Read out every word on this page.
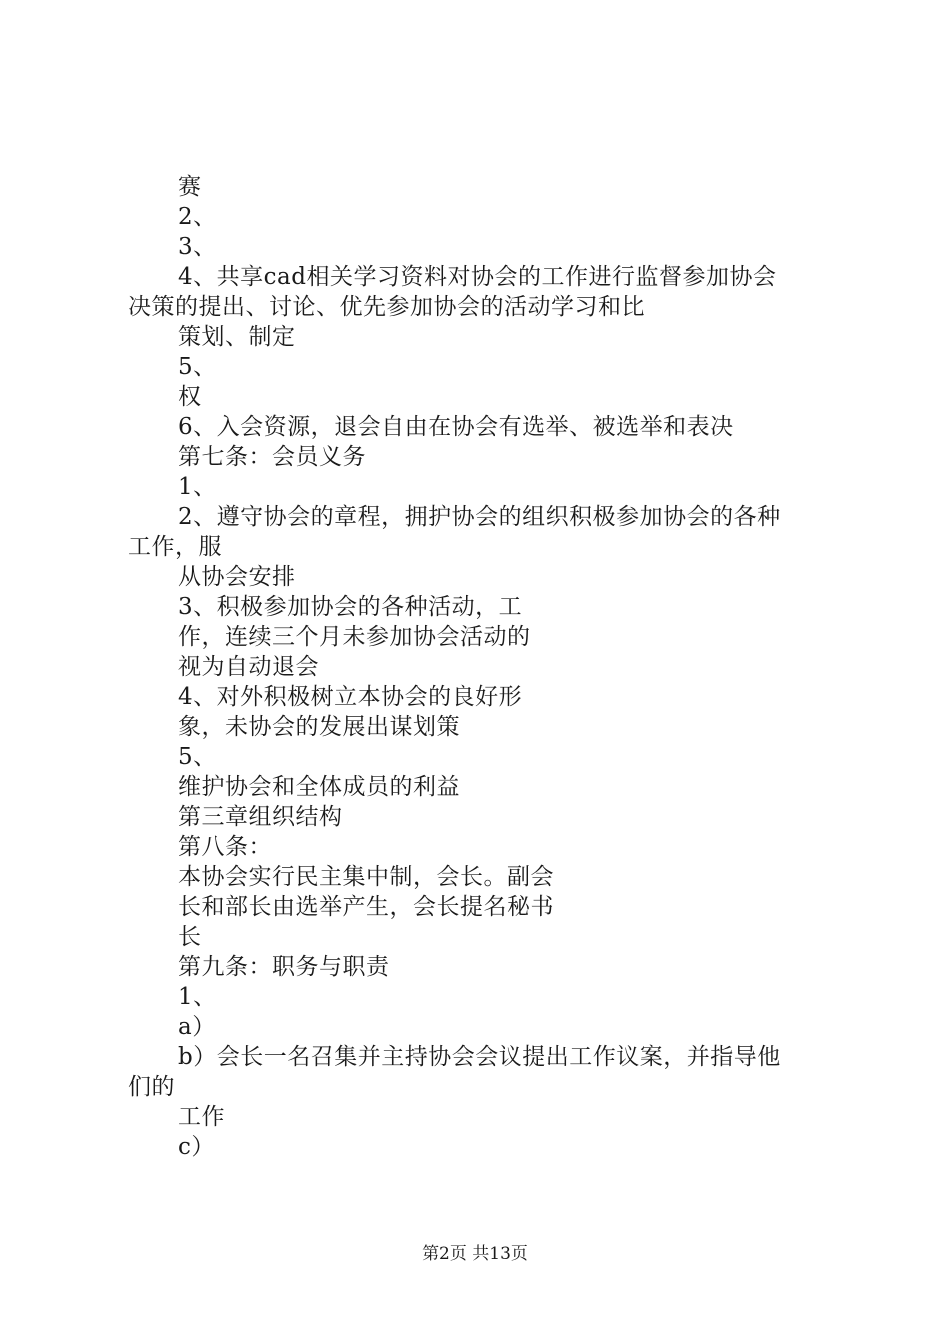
赛
2、
3、
4、共享cad相关学习资料对协会的工作进行监督参加协会
决策的提出、讨论、优先参加协会的活动学习和比
策划、制定
5、
权
6、入会资源，退会自由在协会有选举、被选举和表决
第七条：会员义务
1、
2、遵守协会的章程，拥护协会的组织积极参加协会的各种
工作，服
从协会安排
3、积极参加协会的各种活动，工
作，连续三个月未参加协会活动的
视为自动退会
4、对外积极树立本协会的良好形
象，未协会的发展出谋划策
5、
维护协会和全体成员的利益
第三章组织结构
第八条：
本协会实行民主集中制，会长。副会
长和部长由选举产生，会长提名秘书
长
第九条：职务与职责
1、
a）
b）会长一名召集并主持协会会议提出工作议案，并指导他
们的
工作
c）
第2页 共13页
